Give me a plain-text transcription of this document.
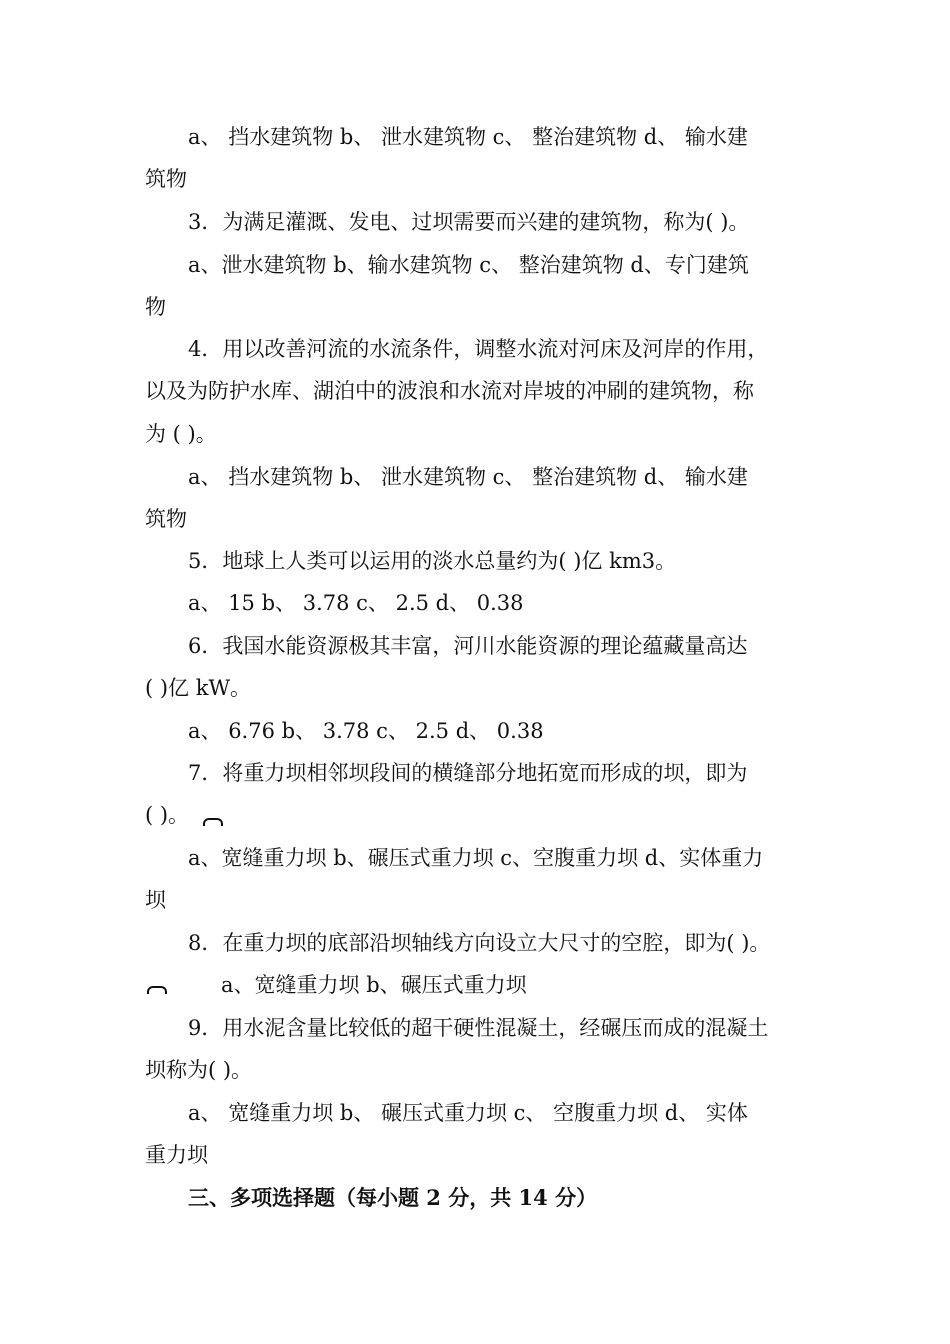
a、 挡水建筑物 b、 泄水建筑物 c、 整治建筑物 d、 输水建
筑物
3．为满足灌溉、发电、过坝需要而兴建的建筑物，称为( )。
a、泄水建筑物 b、输水建筑物 c、 整治建筑物 d、专门建筑
物
4．用以改善河流的水流条件，调整水流对河床及河岸的作用，
以及为防护水库、湖泊中的波浪和水流对岸坡的冲刷的建筑物，称
为 ( )。
a、 挡水建筑物 b、 泄水建筑物 c、 整治建筑物 d、 输水建
筑物
5．地球上人类可以运用的淡水总量约为( )亿 km3。
a、 15 b、 3.78 c、 2.5 d、 0.38
6．我国水能资源极其丰富，河川水能资源的理论蕴藏量高达
( )亿 kW。
a、 6.76 b、 3.78 c、 2.5 d、 0.38
7．将重力坝相邻坝段间的横缝部分地拓宽而形成的坝，即为
( )。
a、宽缝重力坝 b、碾压式重力坝 c、空腹重力坝 d、实体重力
坝
8．在重力坝的底部沿坝轴线方向设立大尺寸的空腔，即为( )。
a、宽缝重力坝 b、碾压式重力坝
9．用水泥含量比较低的超干硬性混凝土，经碾压而成的混凝土
坝称为( )。
a、 宽缝重力坝 b、 碾压式重力坝 c、 空腹重力坝 d、 实体
重力坝
三、多项选择题（每小题 2 分，共 14 分）
